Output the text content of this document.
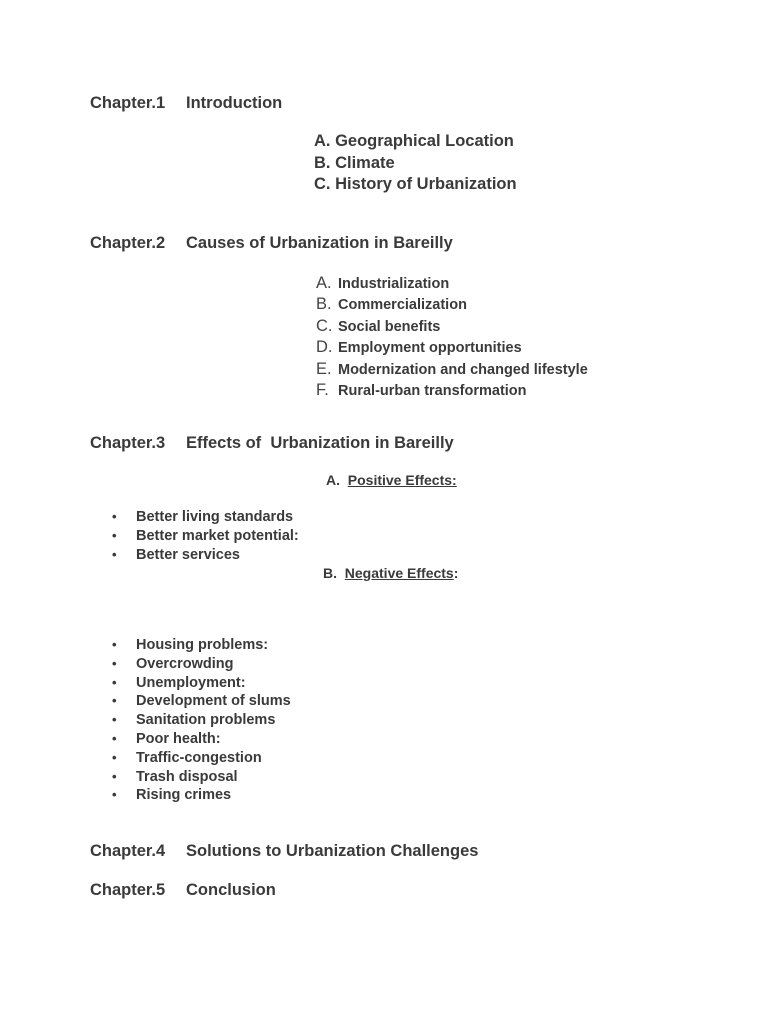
Chapter.1 Introduction
A. Geographical Location
B. Climate
C. History of Urbanization
Chapter.2 Causes of Urbanization in Bareilly
A. Industrialization
B. Commercialization
C. Social benefits
D. Employment opportunities
E. Modernization and changed lifestyle
F. Rural-urban transformation
Chapter.3 Effects of  Urbanization in Bareilly
A. Positive Effects:
• Better living standards
• Better market potential:
• Better services
B. Negative Effects:
• Housing problems:
• Overcrowding
• Unemployment:
• Development of slums
• Sanitation problems
• Poor health:
• Traffic-congestion
• Trash disposal
• Rising crimes
Chapter.4 Solutions to Urbanization Challenges
Chapter.5 Conclusion
